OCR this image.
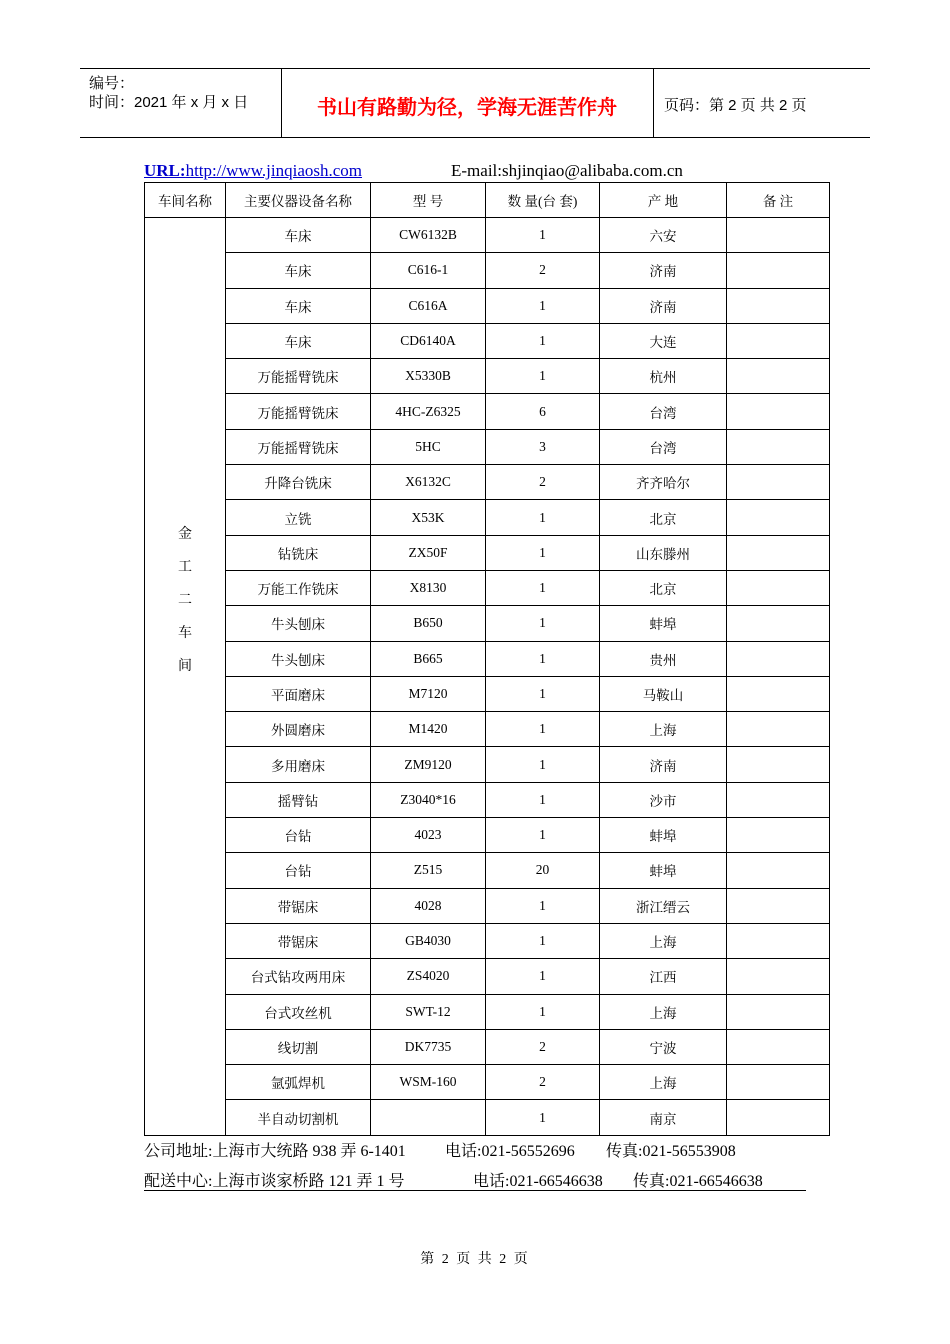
编号：
时间：2021 年 x 月 x 日	书山有路勤为径，学海无涯苦作舟	页码：第 2 页 共 2 页
URL:http://www.jinqiaosh.com	E-mail:shjinqiao@alibaba.com.cn
车间名称	主要仪器设备名称	型 号	数 量(台 套)	产 地	备 注

金
工
二
车
间	车床	CW6132B	1	六安	
	车床	C616-1	2	济南	
	车床	C616A	1	济南	
	车床	CD6140A	1	大连	
	万能摇臂铣床	X5330B	1	杭州	
	万能摇臂铣床	4HC-Z6325	6	台湾	
	万能摇臂铣床	5HC	3	台湾	
	升降台铣床	X6132C	2	齐齐哈尔	
	立铣	X53K	1	北京	
	钻铣床	ZX50F	1	山东滕州	
	万能工作铣床	X8130	1	北京	
	牛头刨床	B650	1	蚌埠	
	牛头刨床	B665	1	贵州	
	平面磨床	M7120	1	马鞍山	
	外圆磨床	M1420	1	上海	
	多用磨床	ZM9120	1	济南	
	摇臂钻	Z3040*16	1	沙市	
	台钻	4023	1	蚌埠	
	台钻	Z515	20	蚌埠	
	带锯床	4028	1	浙江缙云	
	带锯床	GB4030	1	上海	
	台式钻攻两用床	ZS4020	1	江西	
	台式攻丝机	SWT-12	1	上海	
	线切割	DK7735	2	宁波	
	氩弧焊机	WSM-160	2	上海	
	半自动切割机		1	南京	
公司地址:上海市大统路 938 弄 6-1401 电话:021-56552696 传真:021-56553908
配送中心:上海市谈家桥路 121 弄 1 号	电话:021-66546638 传真:021-66546638
第 2 页 共 2 页
